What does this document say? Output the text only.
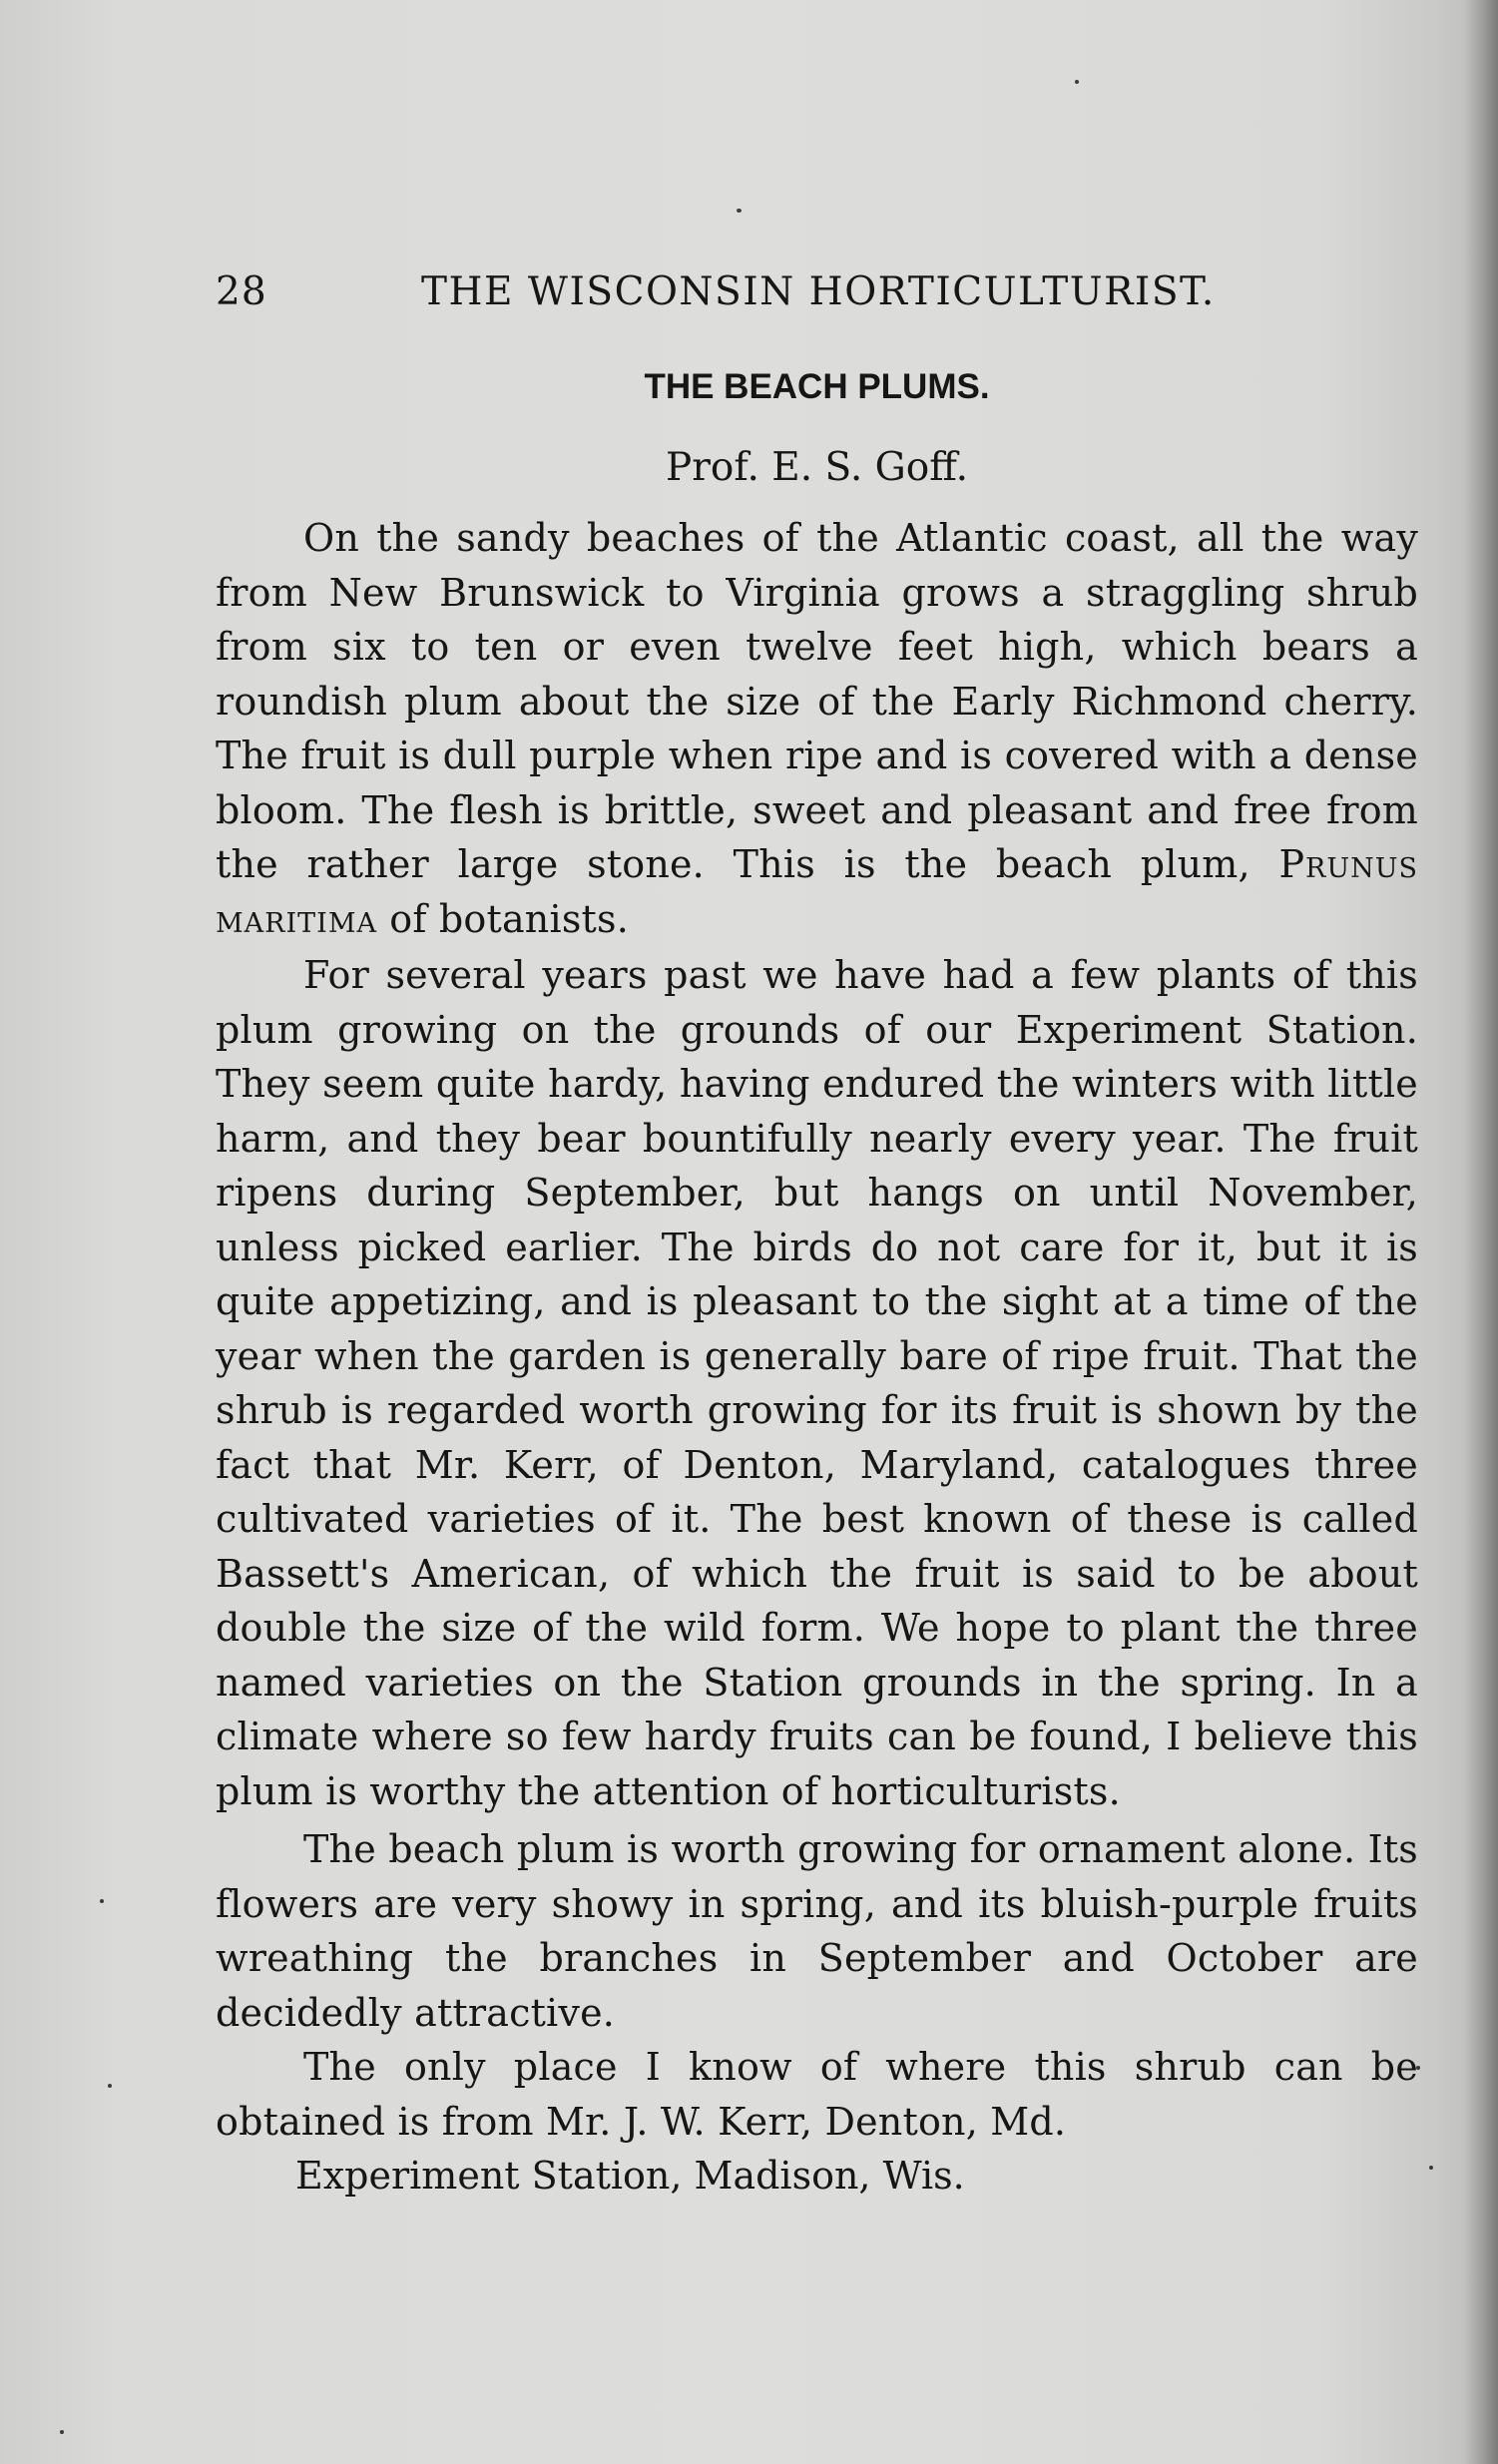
28	THE WISCONSIN HORTICULTURIST.
THE BEACH PLUMS.
Prof. E. S. Goff.

On the sandy beaches of the Atlantic coast, all the way from New Brunswick to Virginia grows a straggling shrub from six to ten or even twelve feet high, which bears a roundish plum about the size of the Early Richmond cherry. The fruit is dull purple when ripe and is covered with a dense bloom. The flesh is brittle, sweet and pleasant and free from the rather large stone. This is the beach plum, Prunus maritima of botanists.

For several years past we have had a few plants of this plum growing on the grounds of our Experiment Station. They seem quite hardy, having endured the winters with little harm, and they bear bountifully nearly every year. The fruit ripens during September, but hangs on until November, unless picked earlier. The birds do not care for it, but it is quite appetizing, and is pleasant to the sight at a time of the year when the garden is generally bare of ripe fruit. That the shrub is regarded worth growing for its fruit is shown by the fact that Mr. Kerr, of Denton, Maryland, catalogues three cultivated varieties of it. The best known of these is called Bassett's American, of which the fruit is said to be about double the size of the wild form. We hope to plant the three named varieties on the Station grounds in the spring. In a climate where so few hardy fruits can be found, I believe this plum is worthy the attention of horticulturists.

The beach plum is worth growing for ornament alone. Its flowers are very showy in spring, and its bluish-purple fruits wreathing the branches in September and October are decidedly attractive.

The only place I know of where this shrub can be obtained is from Mr. J. W. Kerr, Denton, Md.

Experiment Station, Madison, Wis.
